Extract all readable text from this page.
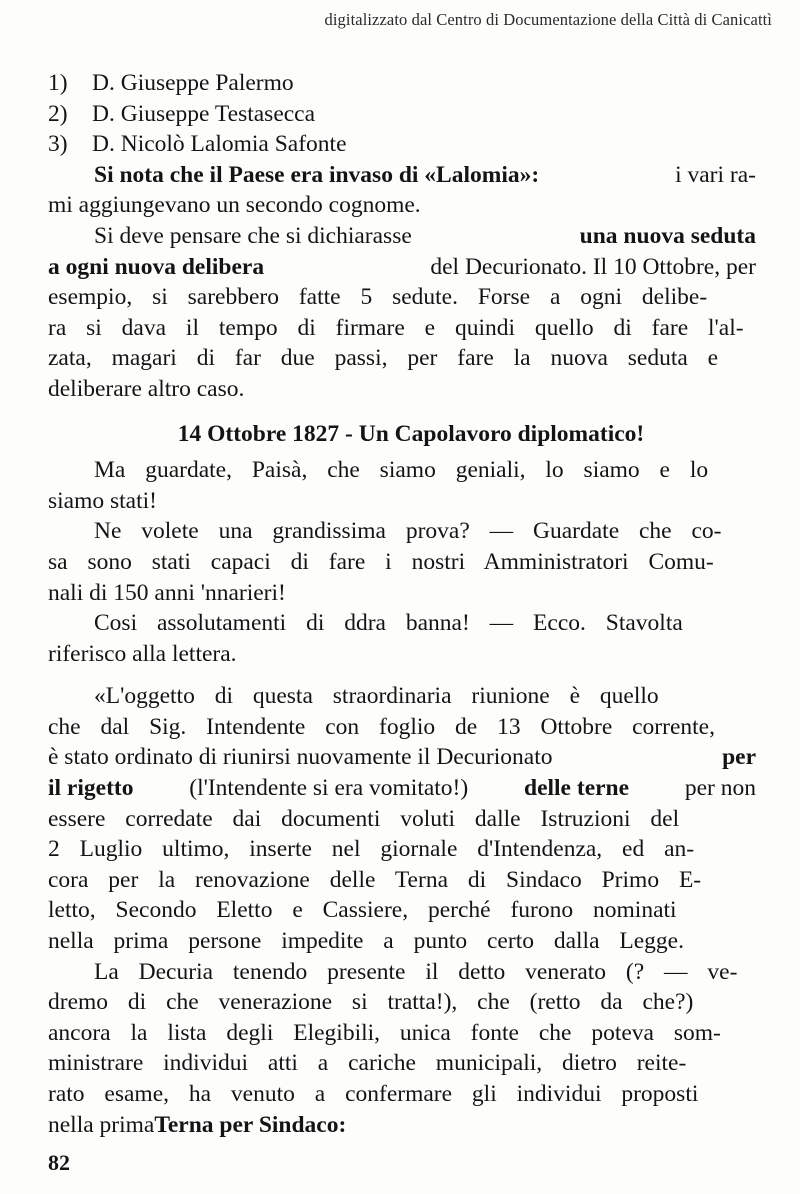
digitalizzato dal Centro di Documentazione della Città di Canicattì
1)	D. Giuseppe Palermo
2)	D. Giuseppe Testasecca
3)	D. Nicolò Lalomia Safonte
Si nota che il Paese era invaso di «Lalomia»:	i vari ra-
mi aggiungevano un secondo cognome.
Si deve pensare che si dichiarasse	una nuova seduta
a ogni nuova delibera	del Decurionato. Il 10 Ottobre, per
esempio, si sarebbero fatte 5 sedute. Forse a ogni delibe-
ra si dava il tempo di firmare e quindi quello di fare l'al-
zata, magari di far due passi, per fare la nuova seduta e
deliberare altro caso.
14 Ottobre 1827 - Un Capolavoro diplomatico!
Ma guardate, Paisà, che siamo geniali, lo siamo e lo
siamo stati!
Ne volete una grandissima prova? — Guardate che co-
sa sono stati capaci di fare i nostri Amministratori Comu-
nali di 150 anni 'nnarieri!
Cosi assolutamenti di ddra banna! — Ecco. Stavolta
riferisco alla lettera.
«L'oggetto di questa straordinaria riunione è quello
che dal Sig. Intendente con foglio de 13 Ottobre corrente,
è stato ordinato di riunirsi nuovamente il Decurionato	per
il rigetto (l'Intendente si era vomitato!) delle terne per non
essere corredate dai documenti voluti dalle Istruzioni del
2 Luglio ultimo, inserte nel giornale d'Intendenza, ed an-
cora per la renovazione delle Terna di Sindaco Primo E-
letto, Secondo Eletto e Cassiere, perché furono nominati
nella prima persone impedite a punto certo dalla Legge.
La Decuria tenendo presente il detto venerato (? — ve-
dremo di che venerazione si tratta!), che (retto da che?)
ancora la lista degli Elegibili, unica fonte che poteva som-
ministrare individui atti a cariche municipali, dietro reite-
rato esame, ha venuto a confermare gli individui proposti
nella prima Terna per Sindaco:
82
